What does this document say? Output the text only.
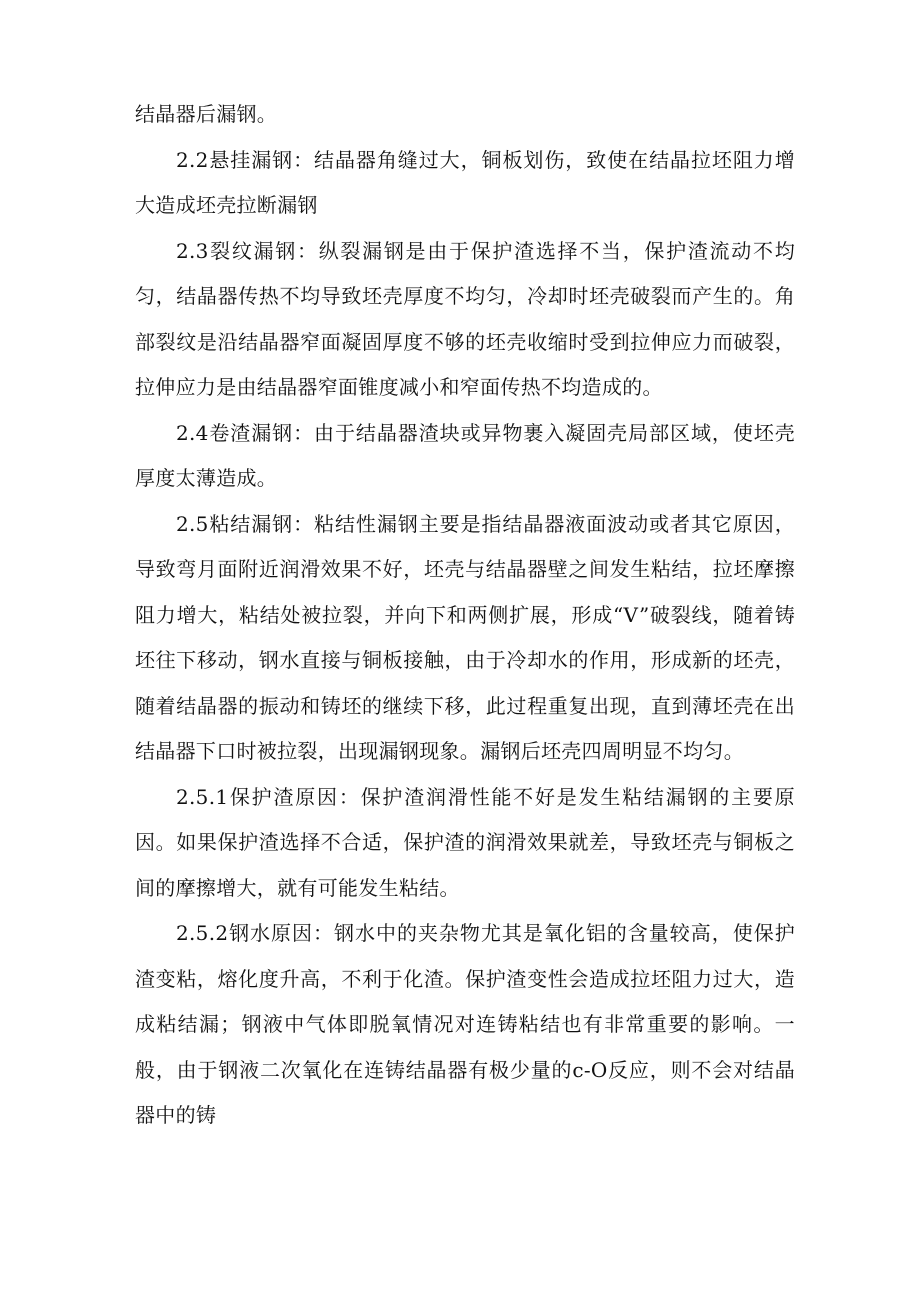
结晶器后漏钢。

2.2悬挂漏钢：结晶器角缝过大，铜板划伤，致使在结晶拉坯阻力增大造成坯壳拉断漏钢

2.3裂纹漏钢：纵裂漏钢是由于保护渣选择不当，保护渣流动不均匀，结晶器传热不均导致坯壳厚度不均匀，冷却时坯壳破裂而产生的。角部裂纹是沿结晶器窄面凝固厚度不够的坯壳收缩时受到拉伸应力而破裂，拉伸应力是由结晶器窄面锥度减小和窄面传热不均造成的。

2.4卷渣漏钢：由于结晶器渣块或异物裹入凝固壳局部区域，使坯壳厚度太薄造成。

2.5粘结漏钢：粘结性漏钢主要是指结晶器液面波动或者其它原因，导致弯月面附近润滑效果不好，坯壳与结晶器壁之间发生粘结，拉坯摩擦阻力增大，粘结处被拉裂，并向下和两侧扩展，形成“V”破裂线，随着铸坯往下移动，钢水直接与铜板接触，由于冷却水的作用，形成新的坯壳，随着结晶器的振动和铸坯的继续下移，此过程重复出现，直到薄坯壳在出结晶器下口时被拉裂，出现漏钢现象。漏钢后坯壳四周明显不均匀。

2.5.1保护渣原因：保护渣润滑性能不好是发生粘结漏钢的主要原因。如果保护渣选择不合适，保护渣的润滑效果就差，导致坯壳与铜板之间的摩擦增大，就有可能发生粘结。

2.5.2钢水原因：钢水中的夹杂物尤其是氧化铝的含量较高，使保护渣变粘，熔化度升高，不利于化渣。保护渣变性会造成拉坯阻力过大，造成粘结漏；钢液中气体即脱氧情况对连铸粘结也有非常重要的影响。一般，由于钢液二次氧化在连铸结晶器有极少量的c-O反应，则不会对结晶器中的铸
